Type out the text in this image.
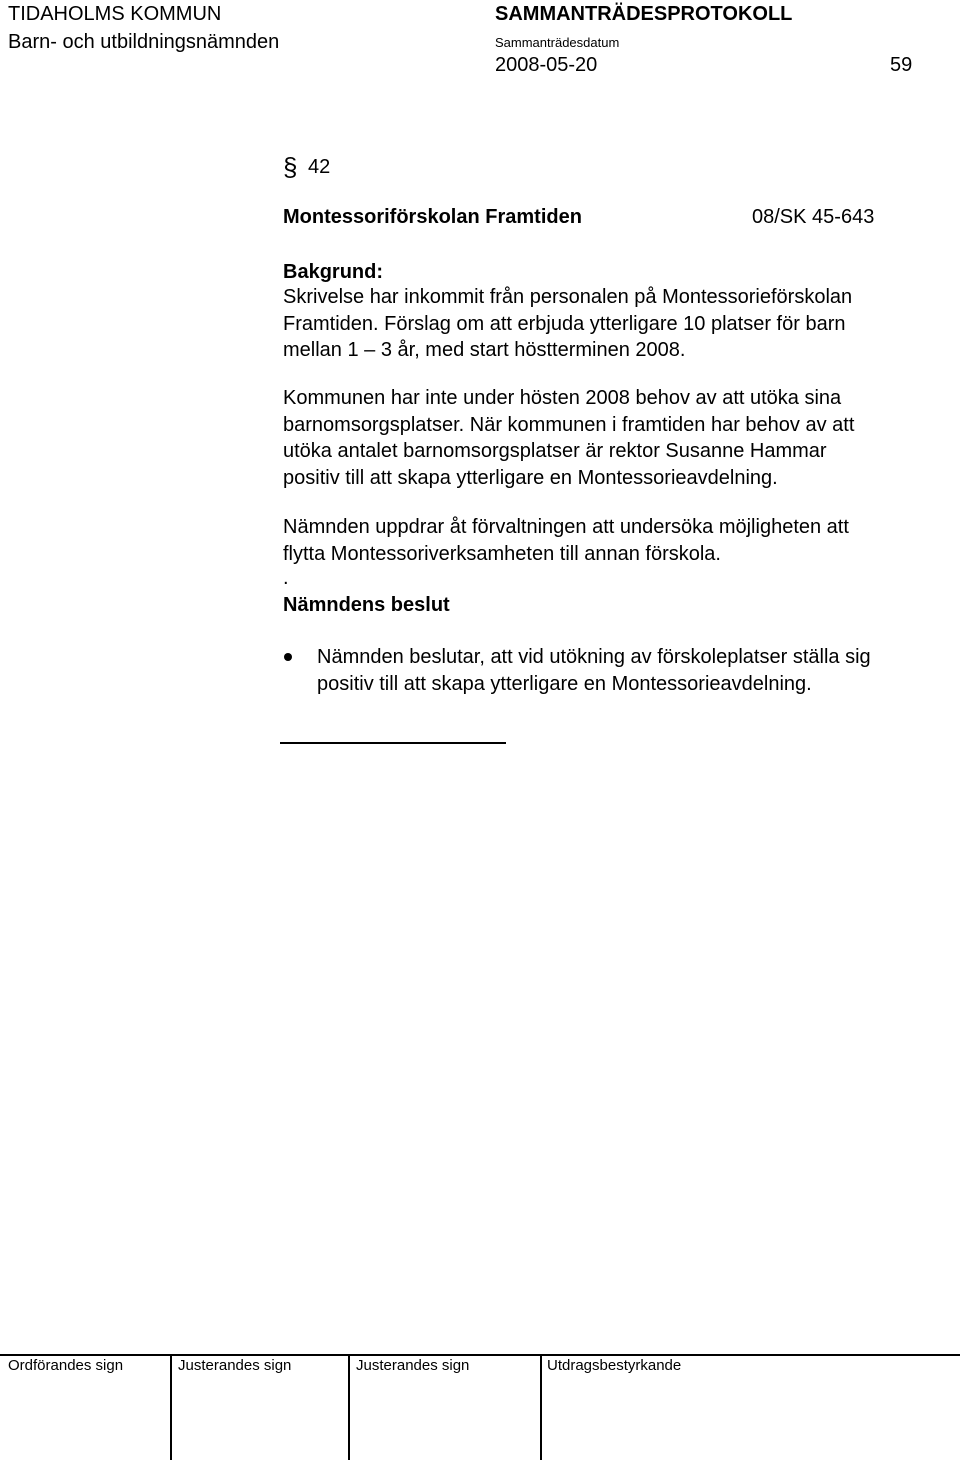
TIDAHOLMS KOMMUN	SAMMANTRÄDESPROTOKOLL
Barn- och utbildningsnämnden	Sammanträdesdatum
2008-05-20	59
§ 42
Montessoriförskolan Framtiden	08/SK 45-643
Bakgrund:
Skrivelse har inkommit från personalen på Montessorieförskolan
Framtiden. Förslag om att erbjuda ytterligare 10 platser för barn
mellan 1 – 3 år, med start höstterminen 2008.
Kommunen har inte under hösten 2008 behov av att utöka sina
barnomsorgsplatser. När kommunen i framtiden har behov av att
utöka antalet barnomsorgsplatser är rektor Susanne Hammar
positiv till att skapa ytterligare en Montessorieavdelning.
Nämnden uppdrar åt förvaltningen att undersöka möjligheten att
flytta Montessoriverksamheten till annan förskola.
.
Nämndens beslut
Nämnden beslutar, att vid utökning av förskoleplatser ställa sig
positiv till att skapa ytterligare en Montessorieavdelning.
Ordförandes sign	Justerandes sign	Justerandes sign	Utdragsbestyrkande
